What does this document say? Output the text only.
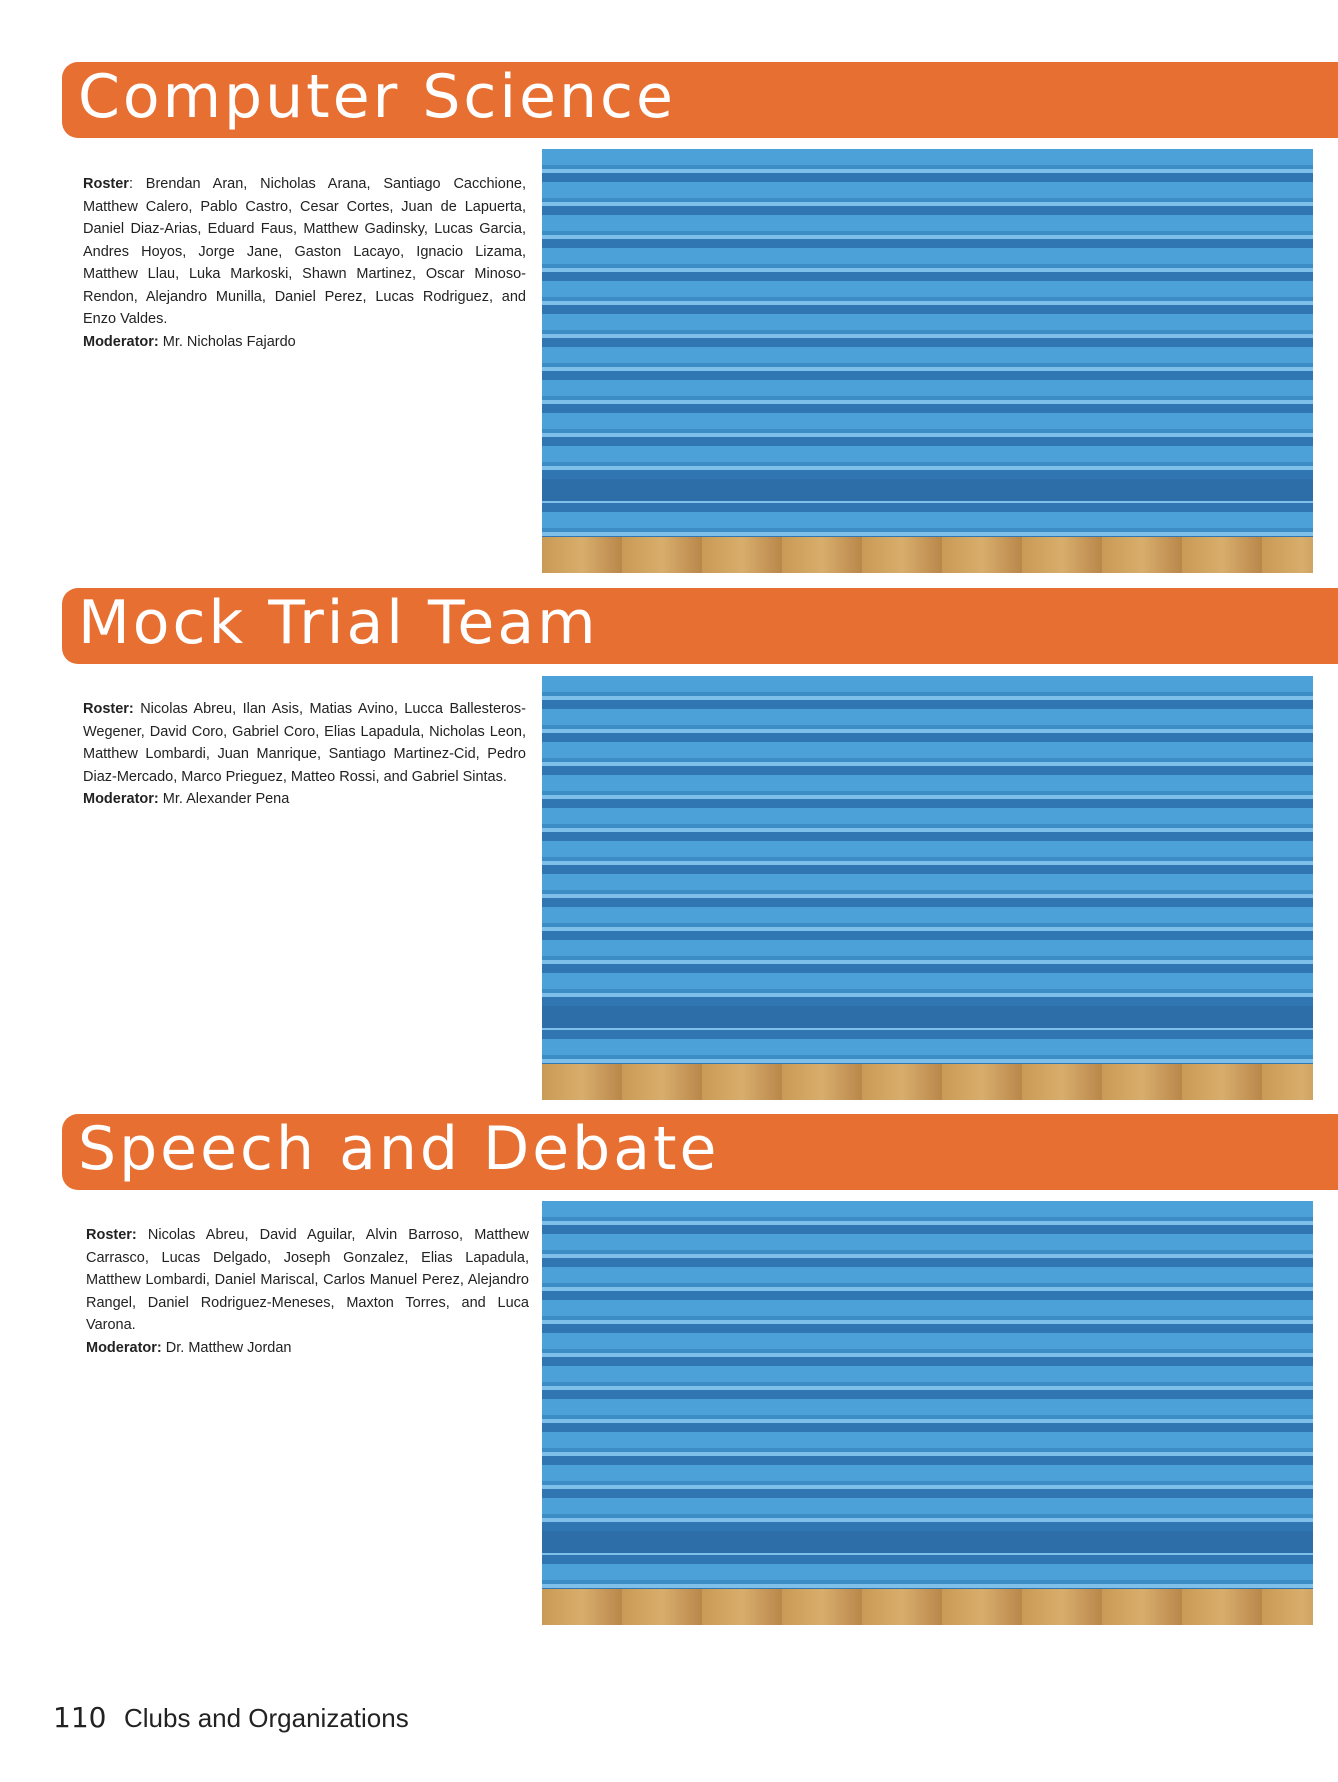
Computer Science

Roster: Brendan Aran, Nicholas Arana, Santiago Cacchione, Matthew Calero, Pablo Castro, Cesar Cortes, Juan de Lapuerta, Daniel Diaz-Arias, Eduard Faus, Matthew Gadinsky, Lucas Garcia, Andres Hoyos, Jorge Jane, Gaston Lacayo, Ignacio Lizama, Matthew Llau, Luka Markoski, Shawn Martinez, Oscar Minoso-Rendon, Alejandro Munilla, Daniel Perez, Lucas Rodriguez, and Enzo Valdes.

Moderator: Mr. Nicholas Fajardo

Mock Trial Team

Roster: Nicolas Abreu, Ilan Asis, Matias Avino, Lucca Ballesteros-Wegener, David Coro, Gabriel Coro, Elias Lapadula, Nicholas Leon, Matthew Lombardi, Juan Manrique, Santiago Martinez-Cid, Pedro Diaz-Mercado, Marco Prieguez, Matteo Rossi, and Gabriel Sintas.

Moderator: Mr. Alexander Pena

Speech and Debate

Roster: Nicolas Abreu, David Aguilar, Alvin Barroso, Matthew Carrasco, Lucas Delgado, Joseph Gonzalez, Elias Lapadula, Matthew Lombardi, Daniel Mariscal, Carlos Manuel Perez, Alejandro Rangel, Daniel Rodriguez-Meneses, Maxton Torres, and Luca Varona.

Moderator: Dr. Matthew Jordan

110 Clubs and Organizations
